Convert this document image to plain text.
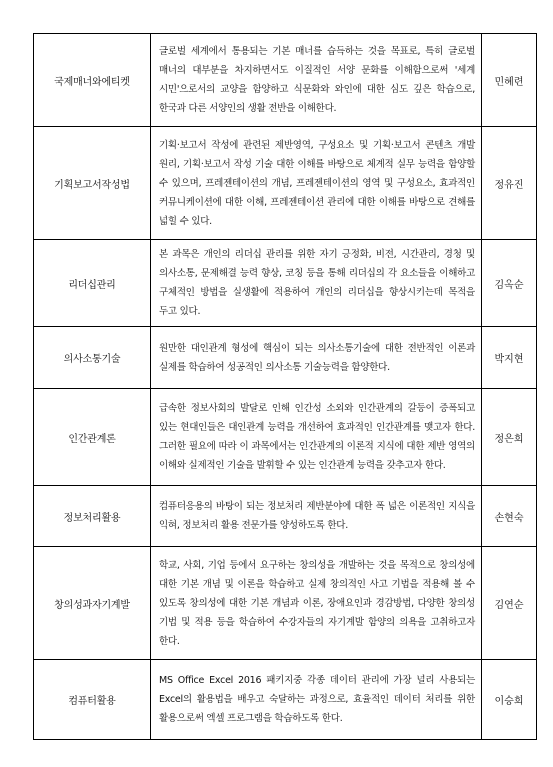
국제매너와에티켓	글로벌 세계에서 통용되는 기본 매너를 습득하는 것을 목표로, 특히 글로벌 매너의 대부분을 차지하면서도 이질적인 서양 문화를 이해함으로써 '세계 시민'으로서의 교양을 함양하고 식문화와 와인에 대한 심도 깊은 학습으로, 한국과 다른 서양인의 생활 전반을 이해한다.	민혜련
기획보고서작성법	기획·보고서 작성에 관련된 제반영역, 구성요소 및 기획·보고서 콘텐츠 개발 원리, 기획·보고서 작성 기술 대한 이해를 바탕으로 체계적 실무 능력을 함양할 수 있으며, 프레젠테이션의 개념, 프레젠테이션의 영역 및 구성요소, 효과적인 커뮤니케이션에 대한 이해, 프레젠테이션 관리에 대한 이해를 바탕으로 견해를 넓힐 수 있다.	정유진
리더십관리	본 과목은 개인의 리더십 관리를 위한 자기 긍정화, 비전, 시간관리, 경청 및 의사소통, 문제해결 능력 향상, 코칭 등을 통해 리더십의 각 요소들을 이해하고 구체적인 방법을 실생활에 적용하여 개인의 리더십을 향상시키는데 목적을 두고 있다.	김옥순
의사소통기술	원만한 대인관계 형성에 핵심이 되는 의사소통기술에 대한 전반적인 이론과 실제를 학습하여 성공적인 의사소통 기술능력을 함양한다.	박지현
인간관계론	급속한 정보사회의 발달로 인해 인간성 소외와 인간관계의 갈등이 증폭되고 있는 현대인들은 대인관계 능력을 개선하여 효과적인 인간관계를 맺고자 한다. 그러한 필요에 따라 이 과목에서는 인간관계의 이론적 지식에 대한 제반 영역의 이해와 실제적인 기술을 발휘할 수 있는 인간관계 능력을 갖추고자 한다.	정은희
정보처리활용	컴퓨터응용의 바탕이 되는 정보처리 제반분야에 대한 폭 넓은 이론적인 지식을 익혀, 정보처리 활용 전문가를 양성하도록 한다.	손현숙
창의성과자기계발	학교, 사회, 기업 등에서 요구하는 창의성을 개발하는 것을 목적으로 창의성에 대한 기본 개념 및 이론을 학습하고 실제 창의적인 사고 기법을 적용해 볼 수 있도록 창의성에 대한 기본 개념과 이론, 장애요인과 경감방법, 다양한 창의성 기법 및 적용 등을 학습하여 수강자들의 자기계발 함양의 의욕을 고취하고자 한다.	김연순
컴퓨터활용	MS Office Excel 2016 패키지중 각종 데이터 관리에 가장 널리 사용되는 Excel의 활용법을 배우고 숙달하는 과정으로, 효율적인 데이터 처리를 위한 활용으로써 엑셀 프로그램을 학습하도록 한다.	이승희
